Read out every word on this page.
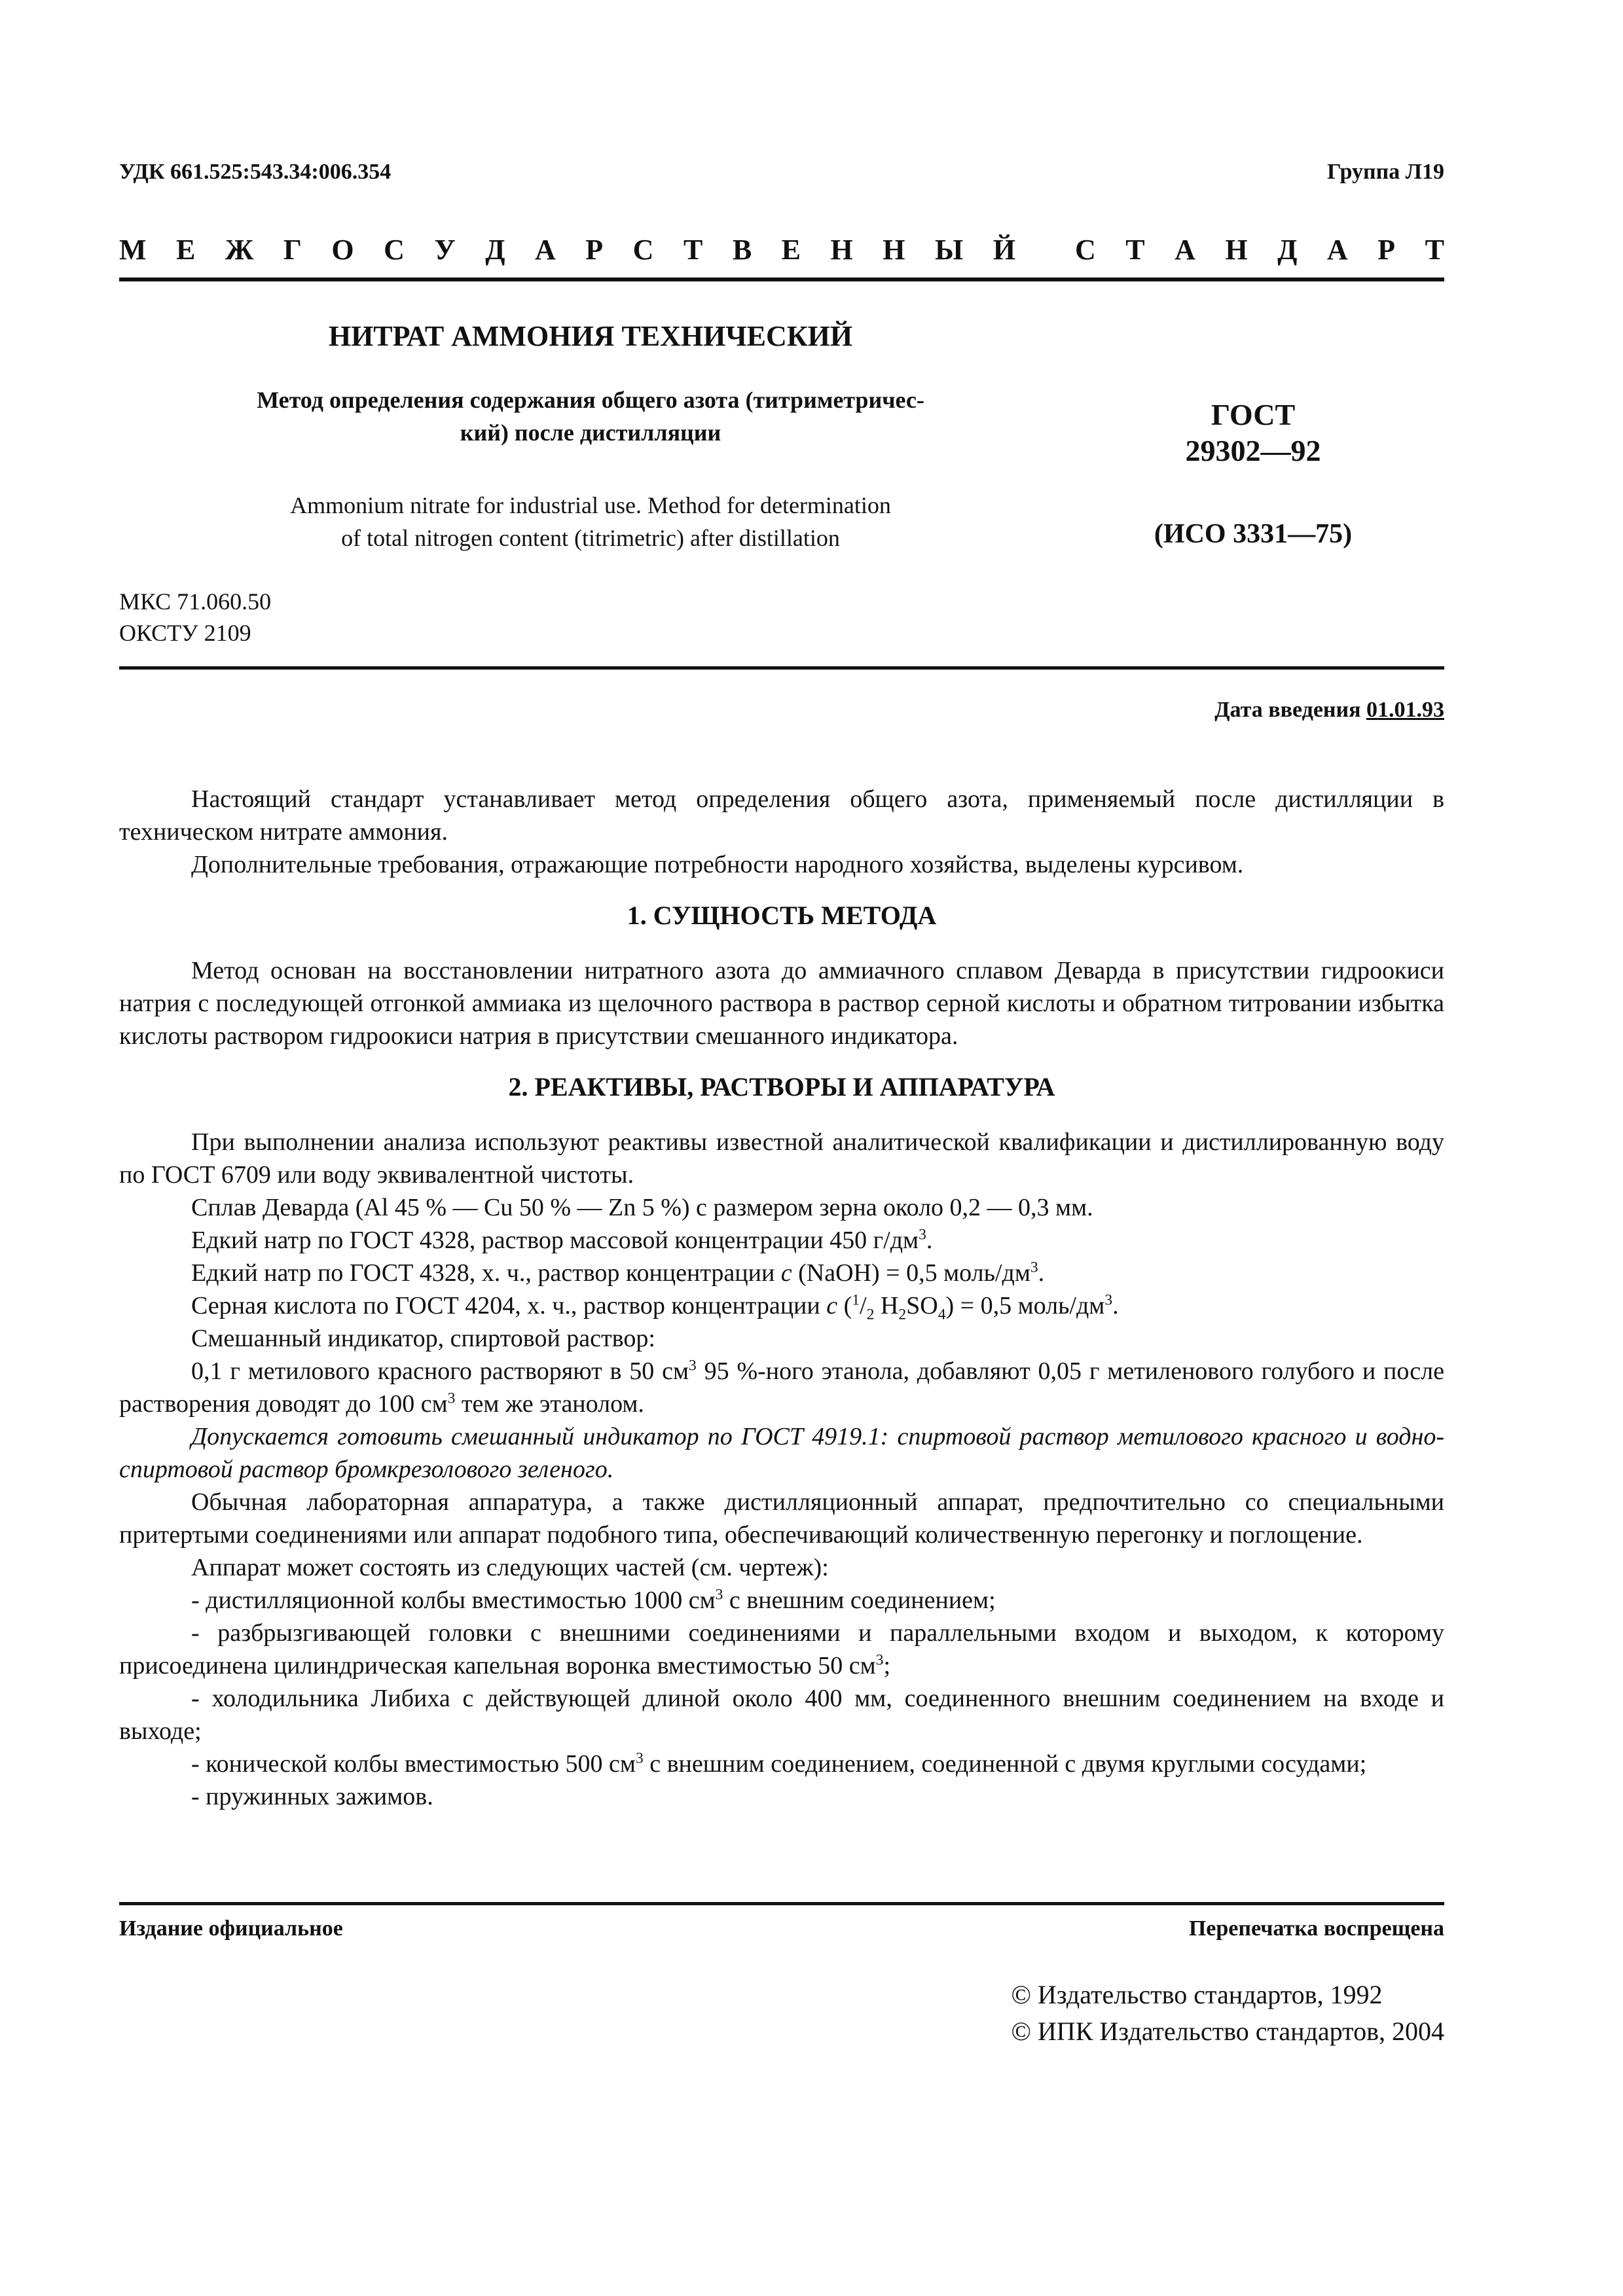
УДК 661.525:543.34:006.354	Группа Л19
М Е Ж Г О С У Д А Р С Т В Е Н Н Ы Й С Т А Н Д А Р Т
НИТРАТ АММОНИЯ ТЕХНИЧЕСКИЙ
Метод определения содержания общего азота (титриметричес-
кий) после дистилляции
Ammonium nitrate for industrial use. Method for determination
of total nitrogen content (titrimetric) after distillation
ГОСТ
29302—92
(ИСО 3331—75)
МКС 71.060.50
ОКСТУ 2109
Дата введения 01.01.93

Настоящий стандарт устанавливает метод определения общего азота, применяемый после дистилляции в техническом нитрате аммония.

Дополнительные требования, отражающие потребности народного хозяйства, выделены курсивом.

1. СУЩНОСТЬ МЕТОДА

Метод основан на восстановлении нитратного азота до аммиачного сплавом Деварда в присутствии гидроокиси натрия с последующей отгонкой аммиака из щелочного раствора в раствор серной кислоты и обратном титровании избытка кислоты раствором гидроокиси натрия в присутствии смешанного индикатора.

2. РЕАКТИВЫ, РАСТВОРЫ И АППАРАТУРА

При выполнении анализа используют реактивы известной аналитической квалификации и дистиллированную воду по ГОСТ 6709 или воду эквивалентной чистоты.

Сплав Деварда (Al 45 % — Cu 50 % — Zn 5 %) с размером зерна около 0,2 — 0,3 мм.

Едкий натр по ГОСТ 4328, раствор массовой концентрации 450 $г/дм^3$.

Едкий натр по ГОСТ 4328, х. ч., раствор концентрации c (NaOH) = 0,5 моль/$дм^3$.

Серная кислота по ГОСТ 4204, х. ч., раствор концентрации c ($^1/_2$ $H_2SO_4) = 0,5$ моль/$дм^3$.

Смешанный индикатор, спиртовой раствор:

0,1 г метилового красного растворяют в 50 $см^3$ 95 %-ного этанола, добавляют 0,05 г метиленового голубого и после растворения доводят до 100 $см^3$ тем же этанолом.

Допускается готовить смешанный индикатор по ГОСТ 4919.1: спиртовой раствор метилового красного и водно-спиртовой раствор бромкрезолового зеленого.

Обычная лабораторная аппаратура, а также дистилляционный аппарат, предпочтительно со специальными притертыми соединениями или аппарат подобного типа, обеспечивающий количественную перегонку и поглощение.

Аппарат может состоять из следующих частей (см. чертеж):

- дистилляционной колбы вместимостью 1000 $см^3$ с внешним соединением;

- разбрызгивающей головки с внешними соединениями и параллельными входом и выходом, к которому присоединена цилиндрическая капельная воронка вместимостью 50 $см^3$;

- холодильника Либиха с действующей длиной около 400 мм, соединенного внешним соединением на входе и выходе;

- конической колбы вместимостью 500 $см^3$ с внешним соединением, соединенной с двумя круглыми сосудами;

- пружинных зажимов.

Издание официальное	Перепечатка воспрещена
© Издательство стандартов, 1992
© ИПК Издательство стандартов, 2004
